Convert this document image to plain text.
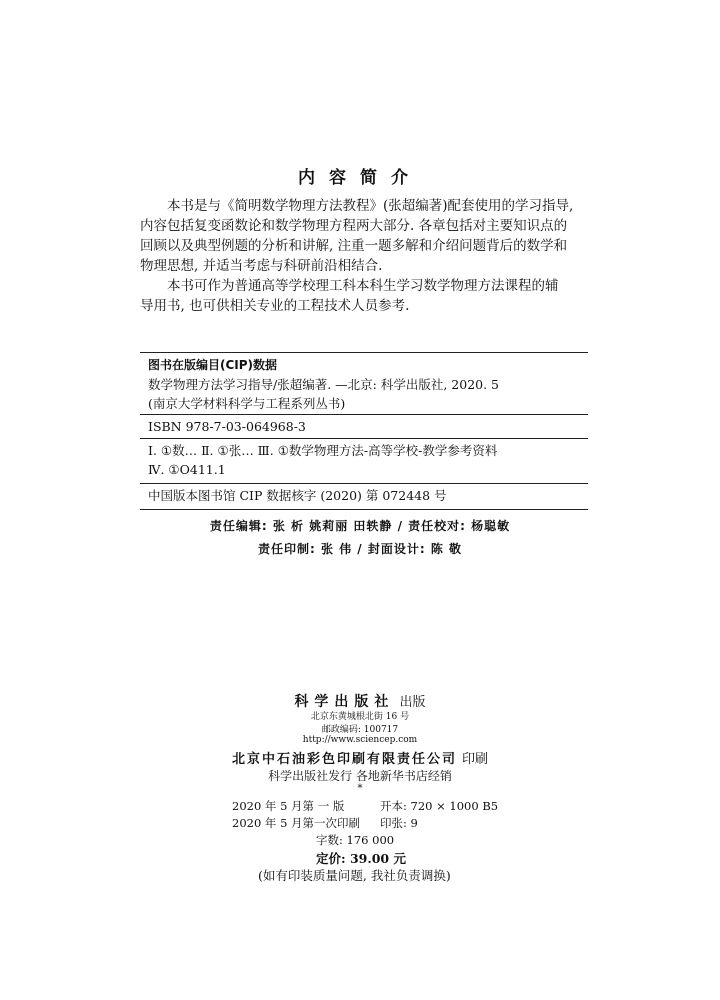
内容简介

本书是与《简明数学物理方法教程》(张超编著)配套使用的学习指导,

内容包括复变函数论和数学物理方程两大部分. 各章包括对主要知识点的
回顾以及典型例题的分析和讲解, 注重一题多解和介绍问题背后的数学和
物理思想, 并适当考虑与科研前沿相结合.

本书可作为普通高等学校理工科本科生学习数学物理方法课程的辅

导用书, 也可供相关专业的工程技术人员参考.

图书在版编目(CIP)数据
数学物理方法学习指导/张超编著. —北京: 科学出版社, 2020. 5
(南京大学材料科学与工程系列丛书)
ISBN 978-7-03-064968-3
Ⅰ. ①数… Ⅱ. ①张… Ⅲ. ①数学物理方法-高等学校-教学参考资料
Ⅳ. ①O411.1
中国版本图书馆 CIP 数据核字 (2020) 第 072448 号
责任编辑: 张 析 姚莉丽 田轶静 / 责任校对: 杨聪敏
责任印制: 张 伟 / 封面设计: 陈 敬
科学出版社 出版
北京东黄城根北街 16 号
邮政编码: 100717
http://www.sciencep.com
北京中石油彩色印刷有限责任公司 印刷
科学出版社发行 各地新华书店经销
*
2020 年 5 月第 一 版	开本: 720 × 1000 B5
2020 年 5 月第一次印刷 印张: 9
字数: 176 000
定价: 39.00 元
(如有印装质量问题, 我社负责调换)
